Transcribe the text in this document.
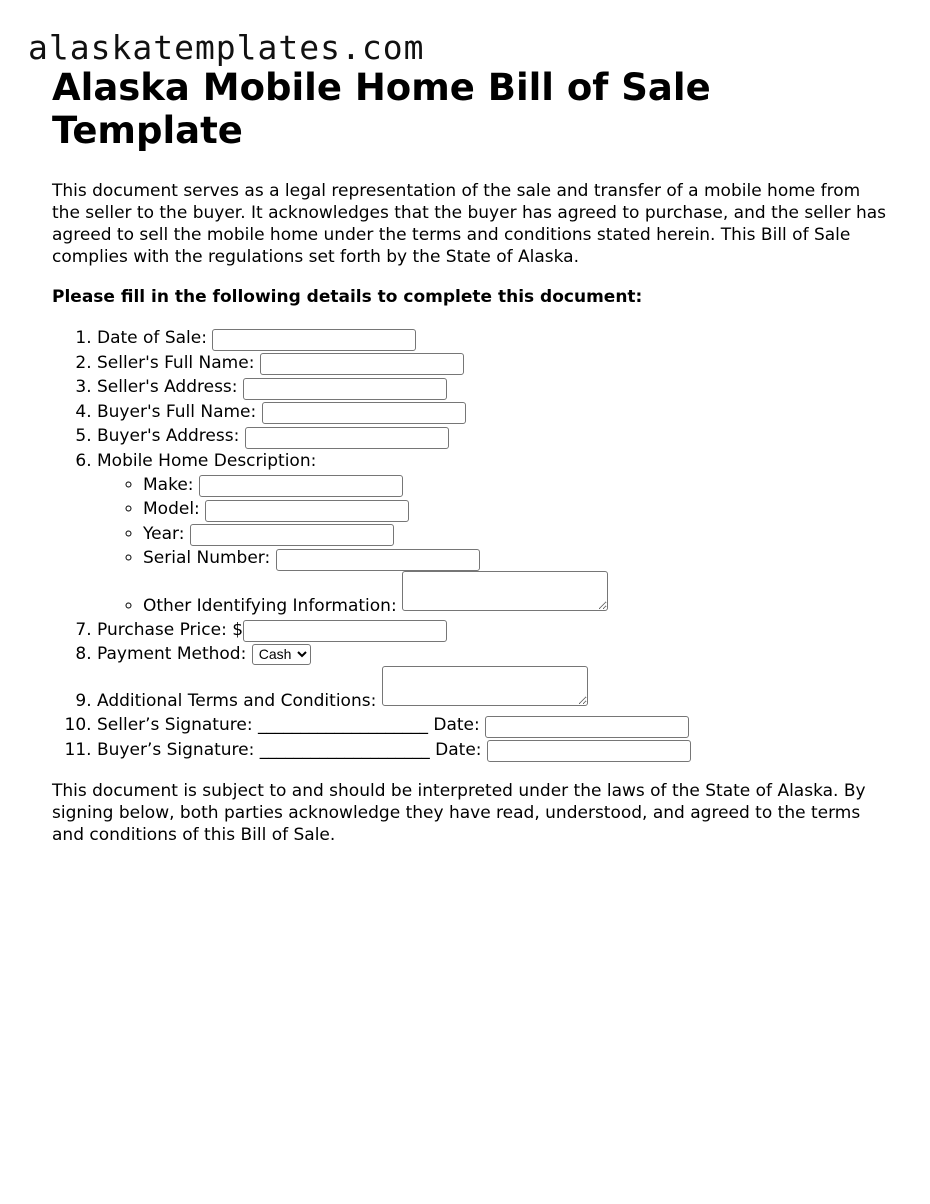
alaskatemplates.com
Alaska Mobile Home Bill of Sale Template

This document serves as a legal representation of the sale and transfer of a mobile home from the seller to the buyer. It acknowledges that the buyer has agreed to purchase, and the seller has agreed to sell the mobile home under the terms and conditions stated herein. This Bill of Sale complies with the regulations set forth by the State of Alaska.

Please fill in the following details to complete this document:

1. Date of Sale:
2. Seller's Full Name:
3. Seller's Address:
4. Buyer's Full Name:
5. Buyer's Address:
6. Mobile Home Description:
◦ Make:
◦ Model:
◦ Year:
◦ Serial Number:
◦ Other Identifying Information:
7. Purchase Price: $
8. Payment Method:
Cash
9. Additional Terms and Conditions:
10. Seller’s Signature: ____________________ Date:
11. Buyer’s Signature: ____________________ Date:

This document is subject to and should be interpreted under the laws of the State of Alaska. By signing below, both parties acknowledge they have read, understood, and agreed to the terms and conditions of this Bill of Sale.
